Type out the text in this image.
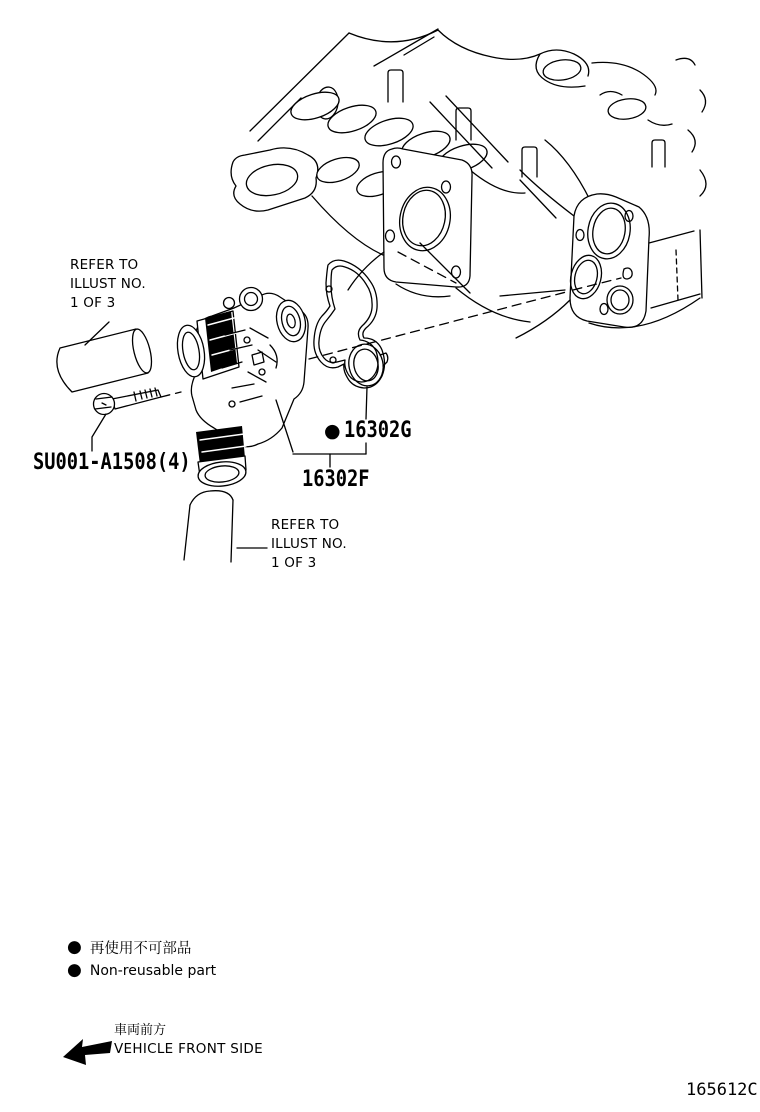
REFER TO
ILLUST NO.
1 OF 3
REFER TO
ILLUST NO.
1 OF 3
SU001-A1508(4)
● 16302G
16302F
● 再使用不可部品
● Non-reusable part
車両前方
VEHICLE FRONT SIDE
165612C
